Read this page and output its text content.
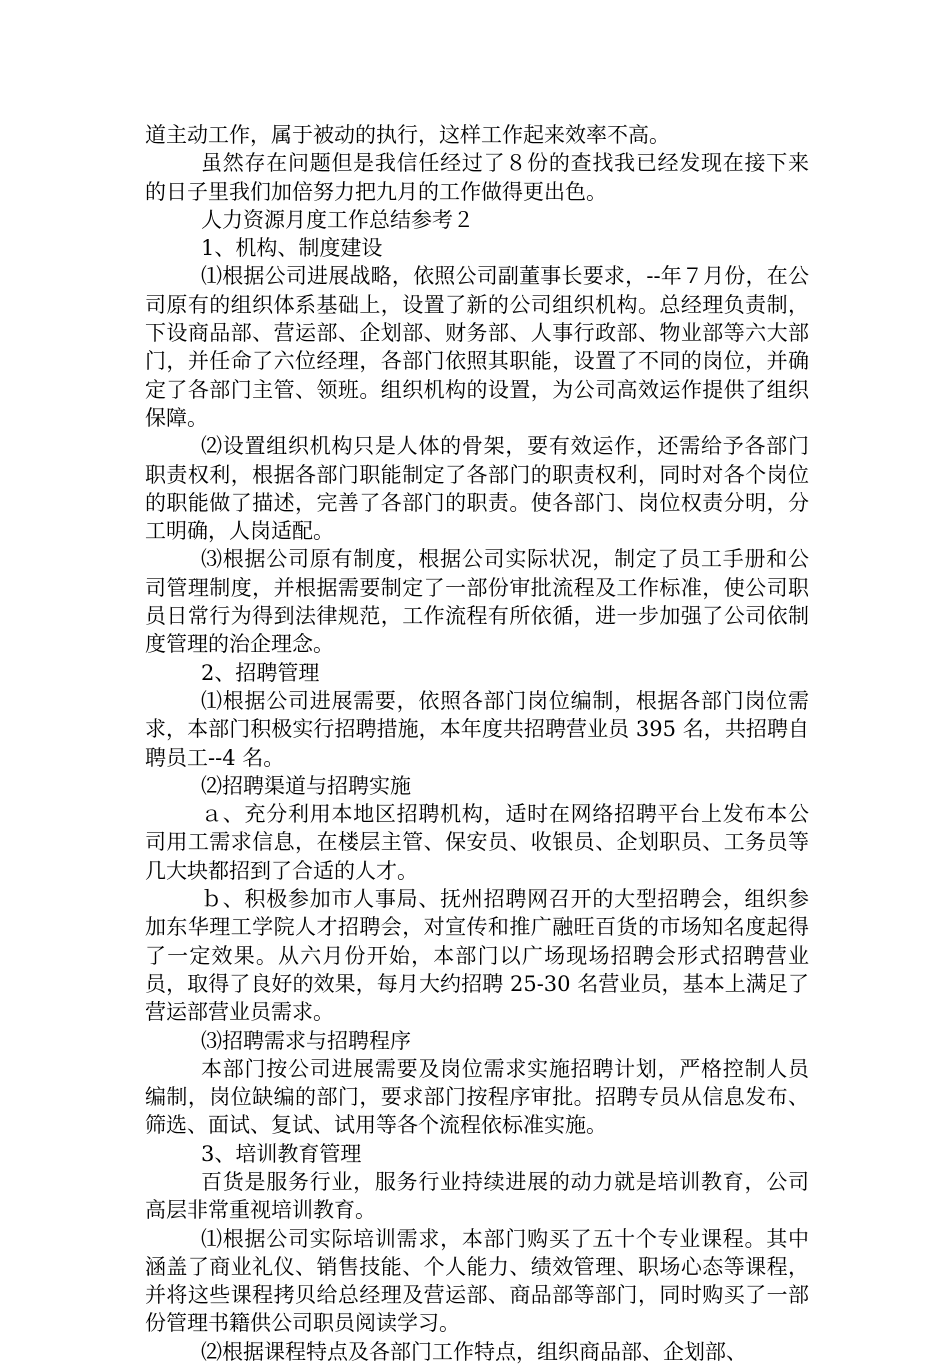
道主动工作，属于被动的执行，这样工作起来效率不高。

虽然存在问题但是我信任经过了８份的查找我已经发现在接下来的日子里我们加倍努力把九月的工作做得更出色。

人力资源月度工作总结参考２

1、机构、制度建设

⑴根据公司进展战略，依照公司副董事长要求，--年７月份，在公司原有的组织体系基础上，设置了新的公司组织机构。总经理负责制，下设商品部、营运部、企划部、财务部、人事行政部、物业部等六大部门，并任命了六位经理，各部门依照其职能，设置了不同的岗位，并确定了各部门主管、领班。组织机构的设置，为公司高效运作提供了组织保障。

⑵设置组织机构只是人体的骨架，要有效运作，还需给予各部门职责权利，根据各部门职能制定了各部门的职责权利，同时对各个岗位的职能做了描述，完善了各部门的职责。使各部门、岗位权责分明，分工明确，人岗适配。

⑶根据公司原有制度，根据公司实际状况，制定了员工手册和公司管理制度，并根据需要制定了一部份审批流程及工作标准，使公司职员日常行为得到法律规范，工作流程有所依循，进一步加强了公司依制度管理的治企理念。

2、招聘管理

⑴根据公司进展需要，依照各部门岗位编制，根据各部门岗位需求，本部门积极实行招聘措施，本年度共招聘营业员 395 名，共招聘自聘员工--4 名。

⑵招聘渠道与招聘实施

ａ、充分利用本地区招聘机构，适时在网络招聘平台上发布本公司用工需求信息，在楼层主管、保安员、收银员、企划职员、工务员等几大块都招到了合适的人才。

ｂ、积极参加市人事局、抚州招聘网召开的大型招聘会，组织参加东华理工学院人才招聘会，对宣传和推广融旺百货的市场知名度起得了一定效果。从六月份开始，本部门以广场现场招聘会形式招聘营业员，取得了良好的效果，每月大约招聘 25-30 名营业员，基本上满足了营运部营业员需求。

⑶招聘需求与招聘程序

本部门按公司进展需要及岗位需求实施招聘计划，严格控制人员编制，岗位缺编的部门，要求部门按程序审批。招聘专员从信息发布、筛选、面试、复试、试用等各个流程依标准实施。

3、培训教育管理

百货是服务行业，服务行业持续进展的动力就是培训教育，公司高层非常重视培训教育。

⑴根据公司实际培训需求，本部门购买了五十个专业课程。其中涵盖了商业礼仪、销售技能、个人能力、绩效管理、职场心态等课程，并将这些课程拷贝给总经理及营运部、商品部等部门，同时购买了一部份管理书籍供公司职员阅读学习。

⑵根据课程特点及各部门工作特点，组织商品部、企划部、
